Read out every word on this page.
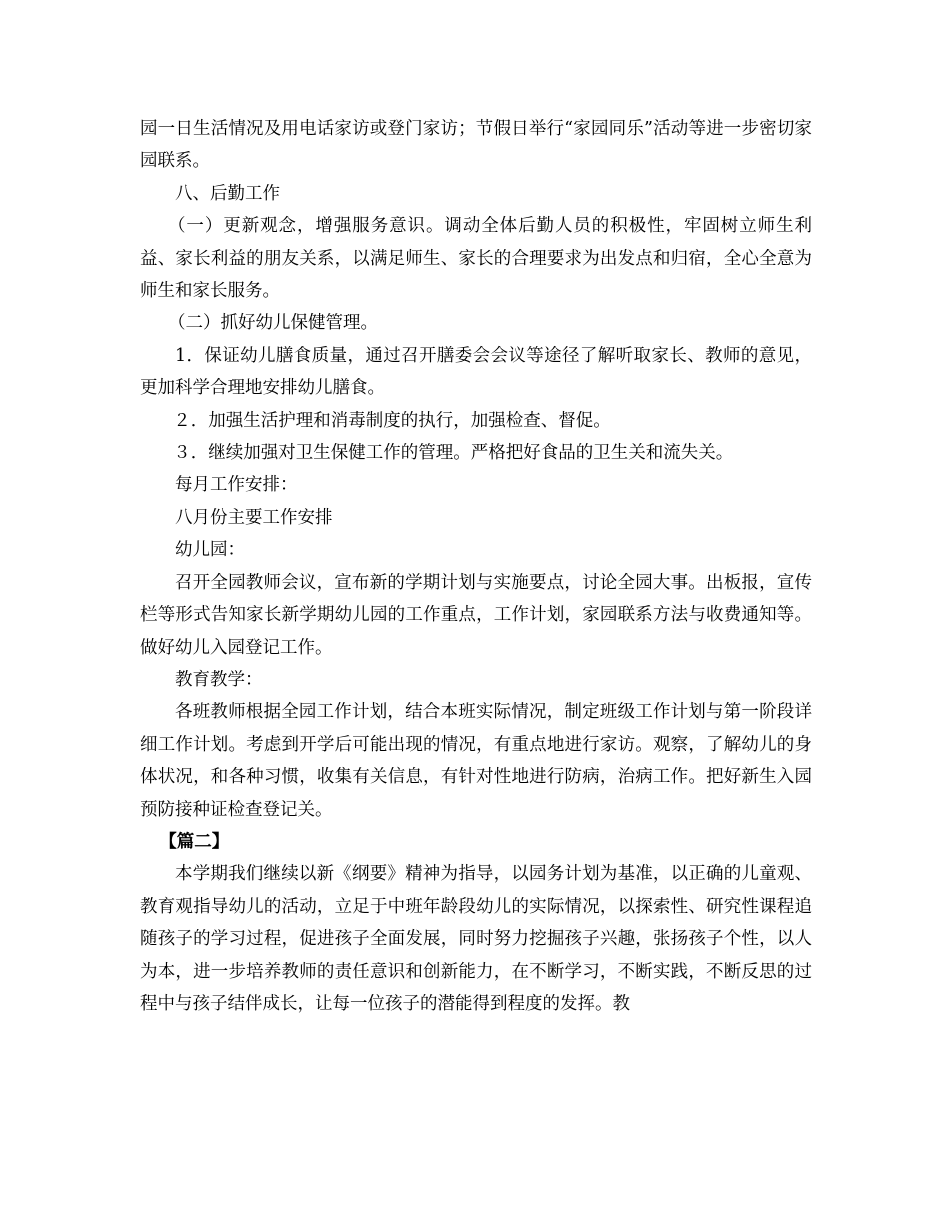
园一日生活情况及用电话家访或登门家访；节假日举行“家园同乐”活动等进一步密切家园联系。

八、后勤工作

（一）更新观念，增强服务意识。调动全体后勤人员的积极性，牢固树立师生利益、家长利益的朋友关系，以满足师生、家长的合理要求为出发点和归宿，全心全意为师生和家长服务。

（二）抓好幼儿保健管理。

1．保证幼儿膳食质量，通过召开膳委会会议等途径了解听取家长、教师的意见，更加科学合理地安排幼儿膳食。

２．加强生活护理和消毒制度的执行，加强检查、督促。

３．继续加强对卫生保健工作的管理。严格把好食品的卫生关和流失关。

每月工作安排：

八月份主要工作安排

幼儿园：

召开全园教师会议，宣布新的学期计划与实施要点，讨论全园大事。出板报，宣传栏等形式告知家长新学期幼儿园的工作重点，工作计划，家园联系方法与收费通知等。做好幼儿入园登记工作。

教育教学：

各班教师根据全园工作计划，结合本班实际情况，制定班级工作计划与第一阶段详细工作计划。考虑到开学后可能出现的情况，有重点地进行家访。观察，了解幼儿的身体状况，和各种习惯，收集有关信息，有针对性地进行防病，治病工作。把好新生入园预防接种证检查登记关。

【篇二】

本学期我们继续以新《纲要》精神为指导，以园务计划为基准，以正确的儿童观、教育观指导幼儿的活动，立足于中班年龄段幼儿的实际情况，以探索性、研究性课程追随孩子的学习过程，促进孩子全面发展，同时努力挖掘孩子兴趣，张扬孩子个性，以人为本，进一步培养教师的责任意识和创新能力，在不断学习，不断实践，不断反思的过程中与孩子结伴成长，让每一位孩子的潜能得到程度的发挥。教
